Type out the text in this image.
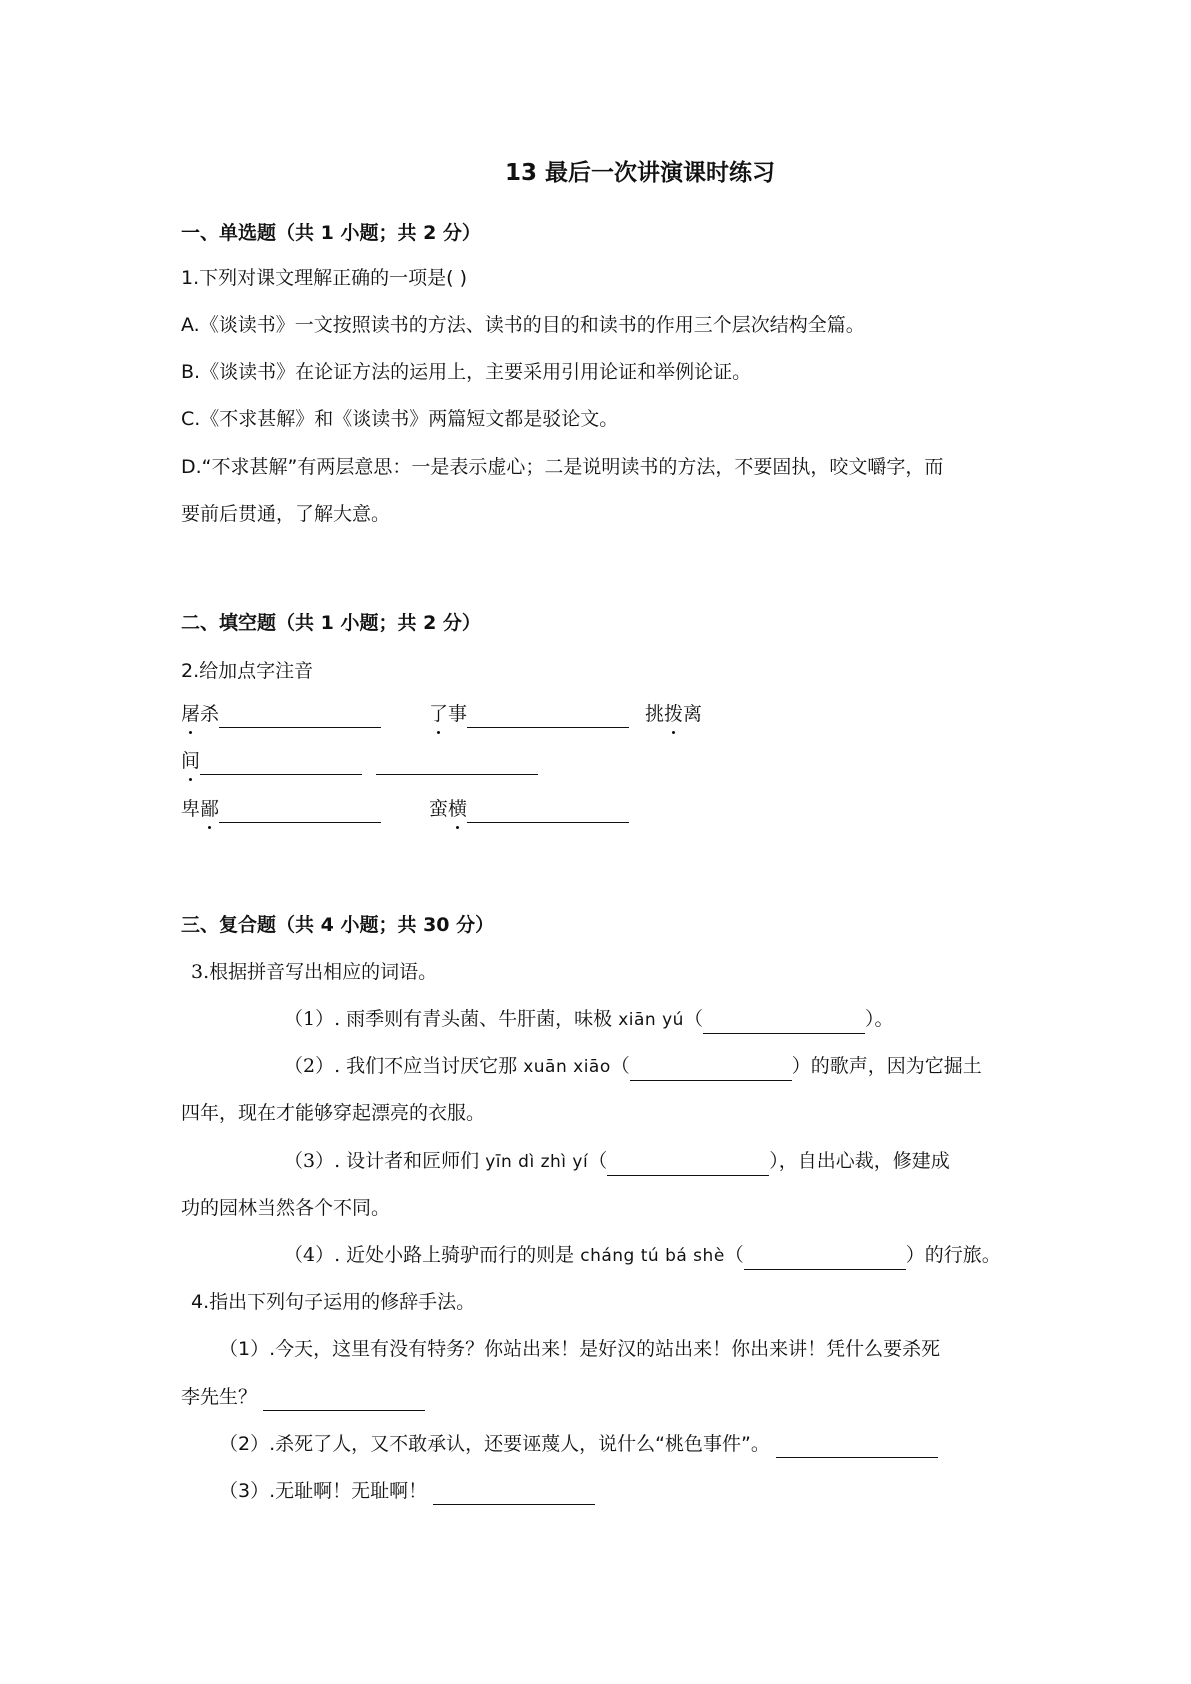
13 最后一次讲演课时练习
一、单选题（共 1 小题；共 2 分）
1.下列对课文理解正确的一项是( )
A.《谈读书》一文按照读书的方法、读书的目的和读书的作用三个层次结构全篇。
B.《谈读书》在论证方法的运用上，主要采用引用论证和举例论证。
C.《不求甚解》和《谈读书》两篇短文都是驳论文。
D.“不求甚解”有两层意思：一是表示虚心；二是说明读书的方法，不要固执，咬文嚼字，而
要前后贯通，了解大意。
二、填空题（共 1 小题；共 2 分）
2.给加点字注音
屠杀	了事	挑拨离
间
卑鄙	蛮横
三、复合题（共 4 小题；共 30 分）
3.根据拼音写出相应的词语。
（1）. 雨季则有青头菌、牛肝菌，味极 xiān yú（	）。
（2）. 我们不应当讨厌它那 xuān xiāo（	）的歌声，因为它掘土
四年，现在才能够穿起漂亮的衣服。
（3）. 设计者和匠师们 yīn dì zhì yí（	），自出心裁，修建成
功的园林当然各个不同。
（4）. 近处小路上骑驴而行的则是 cháng tú bá shè（	）的行旅。
4.指出下列句子运用的修辞手法。
（1）.今天，这里有没有特务？你站出来！是好汉的站出来！你出来讲！凭什么要杀死
李先生？
（2）.杀死了人，又不敢承认，还要诬蔑人，说什么“桃色事件”。
（3）.无耻啊！无耻啊！
